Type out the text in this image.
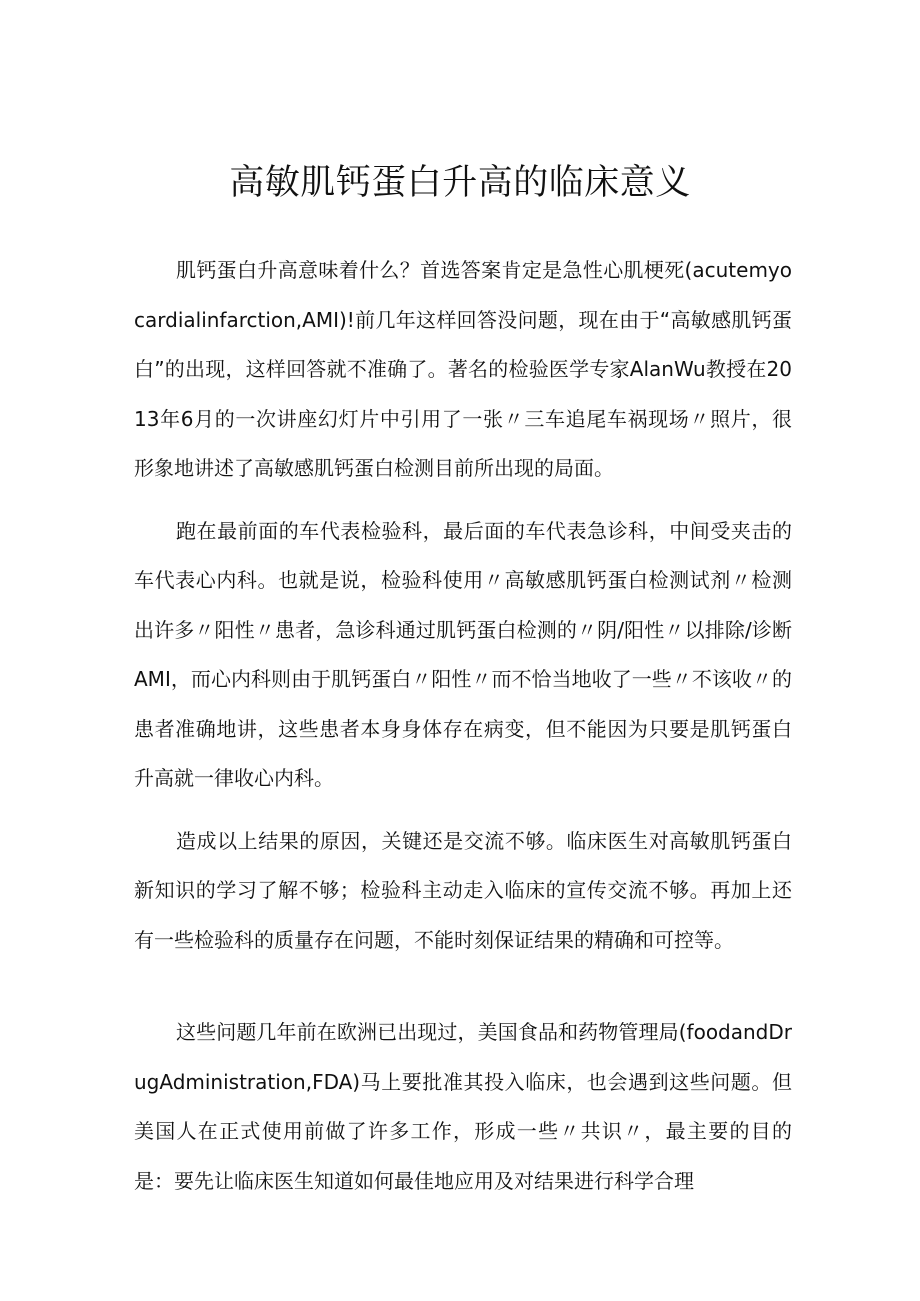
高敏肌钙蛋白升高的临床意义

肌钙蛋白升高意味着什么？首选答案肯定是急性心肌梗死(acutemyocardialinfarction,AMI)!前几年这样回答没问题，现在由于“高敏感肌钙蛋白”的出现，这样回答就不准确了。著名的检验医学专家AlanWu教授在2013年6月的一次讲座幻灯片中引用了一张〃三车追尾车祸现场〃照片，很形象地讲述了高敏感肌钙蛋白检测目前所出现的局面。

跑在最前面的车代表检验科，最后面的车代表急诊科，中间受夹击的车代表心内科。也就是说，检验科使用〃高敏感肌钙蛋白检测试剂〃检测出许多〃阳性〃患者，急诊科通过肌钙蛋白检测的〃阴/阳性〃以排除/诊断AMI，而心内科则由于肌钙蛋白〃阳性〃而不恰当地收了一些〃不该收〃的患者准确地讲，这些患者本身身体存在病变，但不能因为只要是肌钙蛋白升高就一律收心内科。

造成以上结果的原因，关键还是交流不够。临床医生对高敏肌钙蛋白新知识的学习了解不够；检验科主动走入临床的宣传交流不够。再加上还有一些检验科的质量存在问题，不能时刻保证结果的精确和可控等。

这些问题几年前在欧洲已出现过，美国食品和药物管理局(foodandDrugAdministration,FDA)马上要批准其投入临床，也会遇到这些问题。但美国人在正式使用前做了许多工作，形成一些〃共识〃，最主要的目的是：要先让临床医生知道如何最佳地应用及对结果进行科学合理
